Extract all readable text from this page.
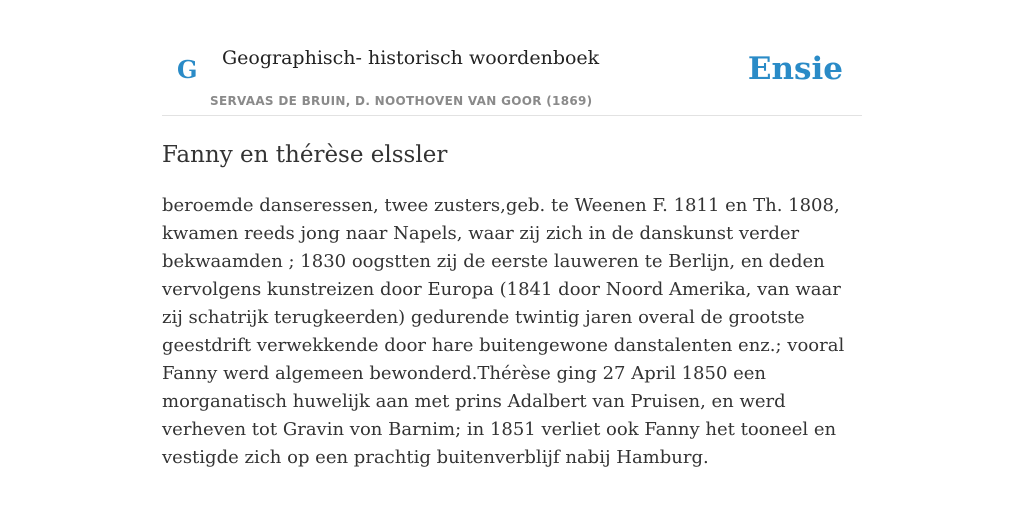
G Geographisch- historisch woordenboek
SERVAAS DE BRUIN, D. NOOTHOVEN VAN GOOR (1869)
Ensie
Fanny en thérèse elssler

beroemde danseressen, twee zusters,geb. te Weenen F. 1811 en Th. 1808, kwamen reeds jong naar Napels, waar zij zich in de danskunst verder bekwaamden ; 1830 oogstten zij de eerste lauweren te Berlijn, en deden vervolgens kunstreizen door Europa (1841 door Noord Amerika, van waar zij schatrijk terugkeerden) gedurende twintig jaren overal de grootste geestdrift verwekkende door hare buitengewone danstalenten enz.; vooral Fanny werd algemeen bewonderd.Thérèse ging 27 April 1850 een morganatisch huwelijk aan met prins Adalbert van Pruisen, en werd verheven tot Gravin von Barnim; in 1851 verliet ook Fanny het tooneel en vestigde zich op een prachtig buitenverblijf nabij Hamburg.
